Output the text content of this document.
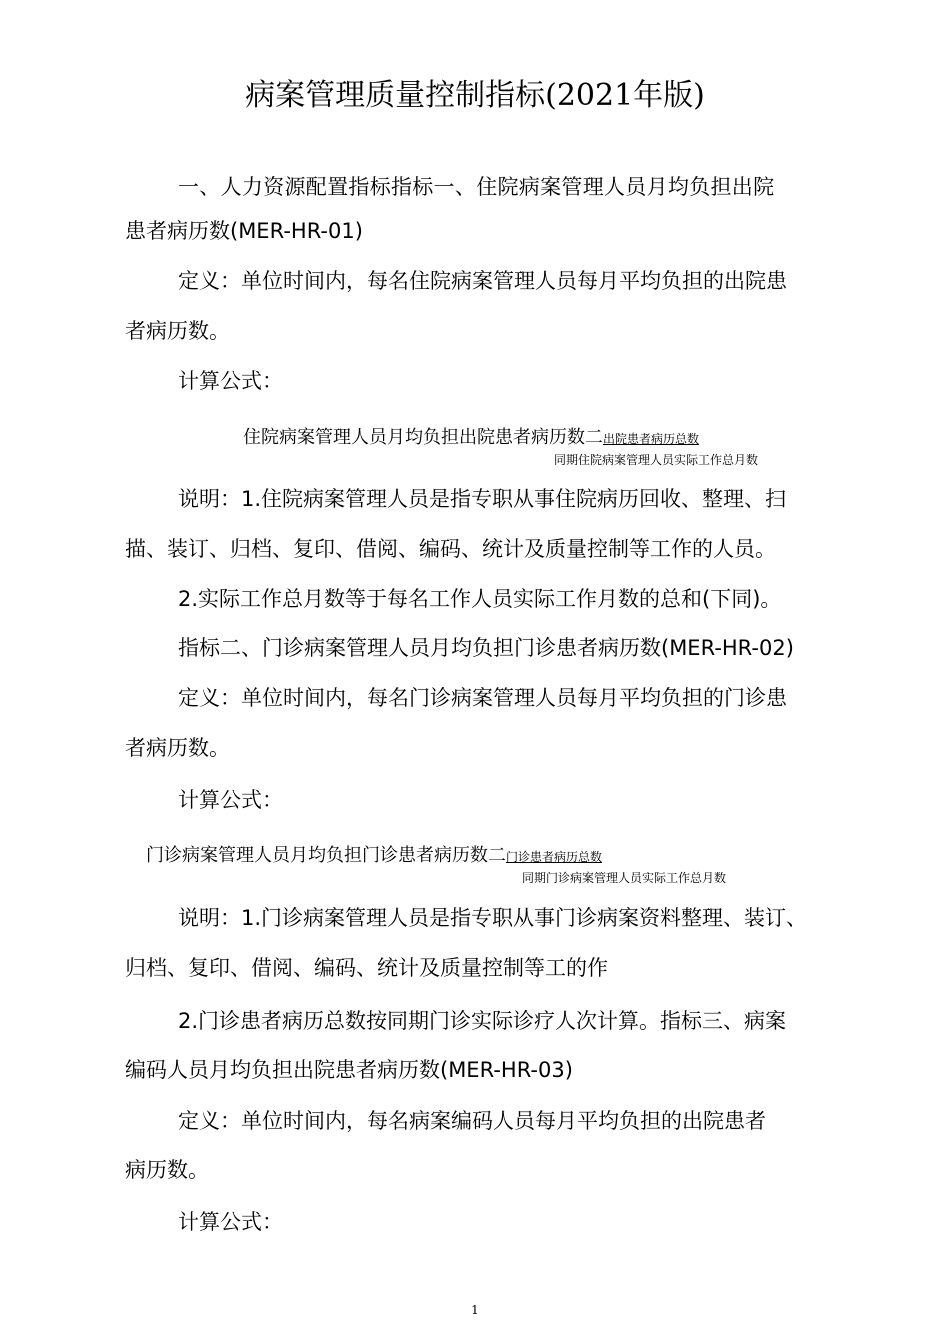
病案管理质量控制指标(2021年版)
一、人力资源配置指标指标一、住院病案管理人员月均负担出院
患者病历数(MER-HR-01)
定义：单位时间内，每名住院病案管理人员每月平均负担的出院患
者病历数。
计算公式：
住院病案管理人员月均负担出院患者病历数二出院患者病历总数
同期住院病案管理人员实际工作总月数
说明：1.住院病案管理人员是指专职从事住院病历回收、整理、扫
描、装订、归档、复印、借阅、编码、统计及质量控制等工作的人员。
2.实际工作总月数等于每名工作人员实际工作月数的总和(下同)。
指标二、门诊病案管理人员月均负担门诊患者病历数(MER-HR-02)
定义：单位时间内，每名门诊病案管理人员每月平均负担的门诊患
者病历数。
计算公式：
门诊病案管理人员月均负担门诊患者病历数二门诊患者病历总数
同期门诊病案管理人员实际工作总月数
说明：1.门诊病案管理人员是指专职从事门诊病案资料整理、装订、
归档、复印、借阅、编码、统计及质量控制等工的作
2.门诊患者病历总数按同期门诊实际诊疗人次计算。指标三、病案
编码人员月均负担出院患者病历数(MER-HR-03)
定义：单位时间内，每名病案编码人员每月平均负担的出院患者
病历数。
计算公式：
1
